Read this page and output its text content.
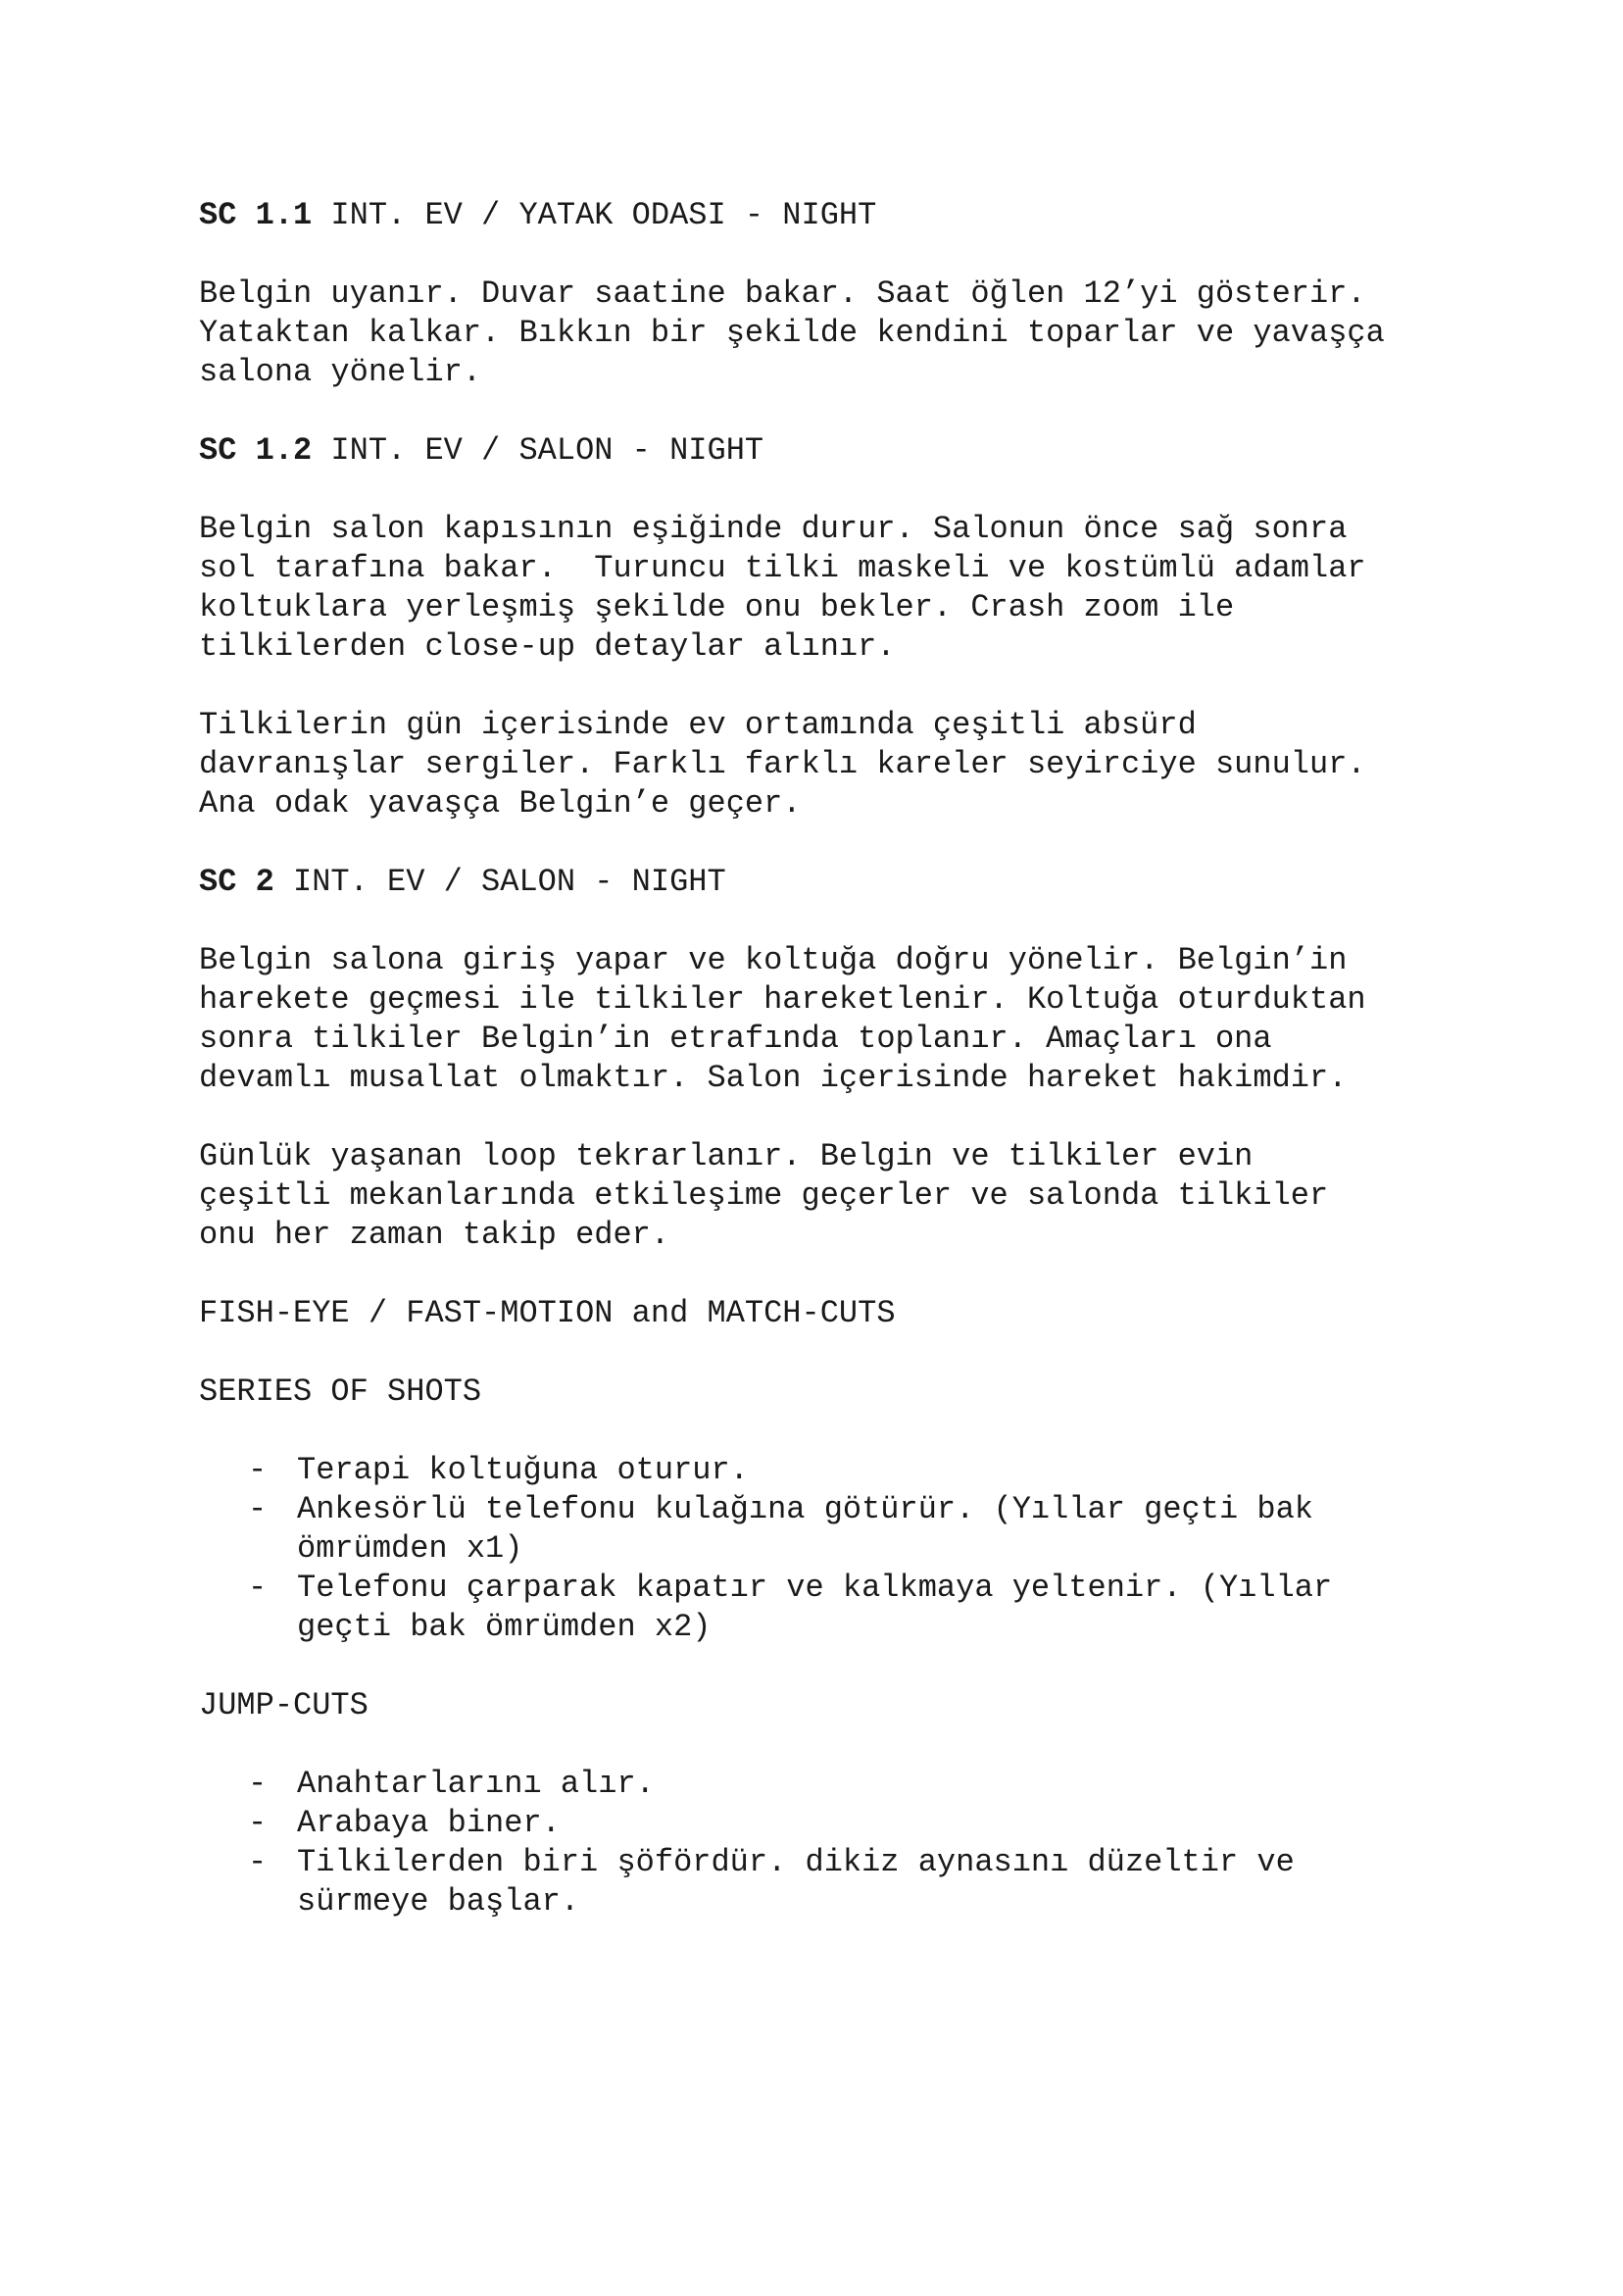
SC 1.1 INT. EV / YATAK ODASI - NIGHT
Belgin uyanır. Duvar saatine bakar. Saat öğlen 12’yi gösterir.
Yataktan kalkar. Bıkkın bir şekilde kendini toparlar ve yavaşça
salona yönelir.
SC 1.2 INT. EV / SALON - NIGHT
Belgin salon kapısının eşiğinde durur. Salonun önce sağ sonra
sol tarafına bakar.  Turuncu tilki maskeli ve kostümlü adamlar
koltuklara yerleşmiş şekilde onu bekler. Crash zoom ile
tilkilerden close-up detaylar alınır.
Tilkilerin gün içerisinde ev ortamında çeşitli absürd
davranışlar sergiler. Farklı farklı kareler seyirciye sunulur.
Ana odak yavaşça Belgin’e geçer.
SC 2 INT. EV / SALON - NIGHT
Belgin salona giriş yapar ve koltuğa doğru yönelir. Belgin’in
harekete geçmesi ile tilkiler hareketlenir. Koltuğa oturduktan
sonra tilkiler Belgin’in etrafında toplanır. Amaçları ona
devamlı musallat olmaktır. Salon içerisinde hareket hakimdir.
Günlük yaşanan loop tekrarlanır. Belgin ve tilkiler evin
çeşitli mekanlarında etkileşime geçerler ve salonda tilkiler
onu her zaman takip eder.
FISH-EYE / FAST-MOTION and MATCH-CUTS
SERIES OF SHOTS
- Terapi koltuğuna oturur.
- Ankesörlü telefonu kulağına götürür. (Yıllar geçti bak
ömrümden x1)
- Telefonu çarparak kapatır ve kalkmaya yeltenir. (Yıllar
geçti bak ömrümden x2)
JUMP-CUTS
- Anahtarlarını alır.
- Arabaya biner.
- Tilkilerden biri şöfördür. dikiz aynasını düzeltir ve
sürmeye başlar.
